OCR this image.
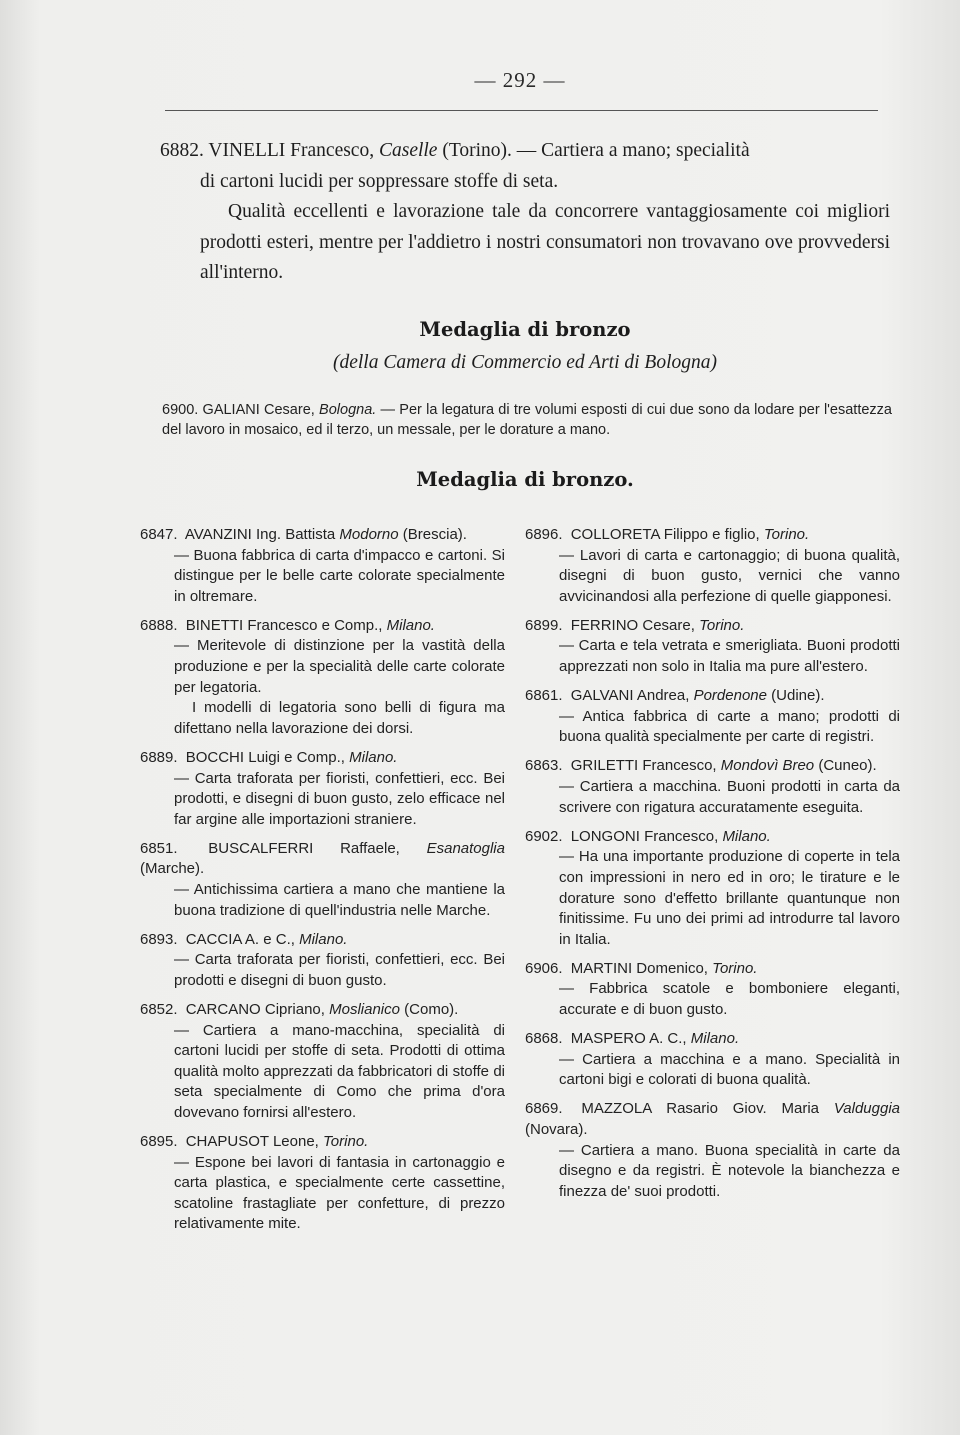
— 292 —

6882. VINELLI Francesco, Caselle (Torino). — Cartiera a mano; specialità

di cartoni lucidi per soppressare stoffe di seta.

Qualità eccellenti e lavorazione tale da concorrere vantaggiosamente coi migliori prodotti esteri, mentre per l'addietro i nostri consumatori non trovavano ove provvedersi all'interno.

Medaglia di bronzo
(della Camera di Commercio ed Arti di Bologna)

6900. GALIANI Cesare, Bologna. — Per la legatura di tre volumi esposti di cui due sono da lodare per l'esattezza del lavoro in mosaico, ed il terzo, un messale, per le dorature a mano.

Medaglia di bronzo.
6847. AVANZINI Ing. Battista Modorno (Brescia).

— Buona fabbrica di carta d'impacco e cartoni. Si distingue per le belle carte colorate specialmente in oltremare.

6888. BINETTI Francesco e Comp., Milano.

— Meritevole di distinzione per la vastità della produzione e per la specialità delle carte colorate per legatoria.

I modelli di legatoria sono belli di figura ma difettano nella lavorazione dei dorsi.

6889. BOCCHI Luigi e Comp., Milano.

— Carta traforata per fioristi, confettieri, ecc. Bei prodotti, e disegni di buon gusto, zelo efficace nel far argine alle importazioni straniere.

6851. BUSCALFERRI Raffaele, Esanatoglia (Marche).

— Antichissima cartiera a mano che mantiene la buona tradizione di quell'industria nelle Marche.

6893. CACCIA A. e C., Milano.

— Carta traforata per fioristi, confettieri, ecc. Bei prodotti e disegni di buon gusto.

6852. CARCANO Cipriano, Moslianico (Como).

— Cartiera a mano-macchina, specialità di cartoni lucidi per stoffe di seta. Prodotti di ottima qualità molto apprezzati da fabbricatori di stoffe di seta specialmente di Como che prima d'ora dovevano fornirsi all'estero.

6895. CHAPUSOT Leone, Torino.

— Espone bei lavori di fantasia in cartonaggio e carta plastica, e specialmente certe cassettine, scatoline frastagliate per confetture, di prezzo relativamente mite.

6896. COLLORETA Filippo e figlio, Torino.

— Lavori di carta e cartonaggio; di buona qualità, disegni di buon gusto, vernici che vanno avvicinandosi alla perfezione di quelle giapponesi.

6899. FERRINO Cesare, Torino.

— Carta e tela vetrata e smerigliata. Buoni prodotti apprezzati non solo in Italia ma pure all'estero.

6861. GALVANI Andrea, Pordenone (Udine).

— Antica fabbrica di carte a mano; prodotti di buona qualità specialmente per carte di registri.

6863. GRILETTI Francesco, Mondovì Breo (Cuneo).

— Cartiera a macchina. Buoni prodotti in carta da scrivere con rigatura accuratamente eseguita.

6902. LONGONI Francesco, Milano.

— Ha una importante produzione di coperte in tela con impressioni in nero ed in oro; le tirature e le dorature sono d'effetto brillante quantunque non finitissime. Fu uno dei primi ad introdurre tal lavoro in Italia.

6906. MARTINI Domenico, Torino.

— Fabbrica scatole e bomboniere eleganti, accurate e di buon gusto.

6868. MASPERO A. C., Milano.

— Cartiera a macchina e a mano. Specialità in cartoni bigi e colorati di buona qualità.

6869. MAZZOLA Rasario Giov. Maria Valduggia (Novara).

— Cartiera a mano. Buona specialità in carte da disegno e da registri. È notevole la bianchezza e finezza de' suoi prodotti.
